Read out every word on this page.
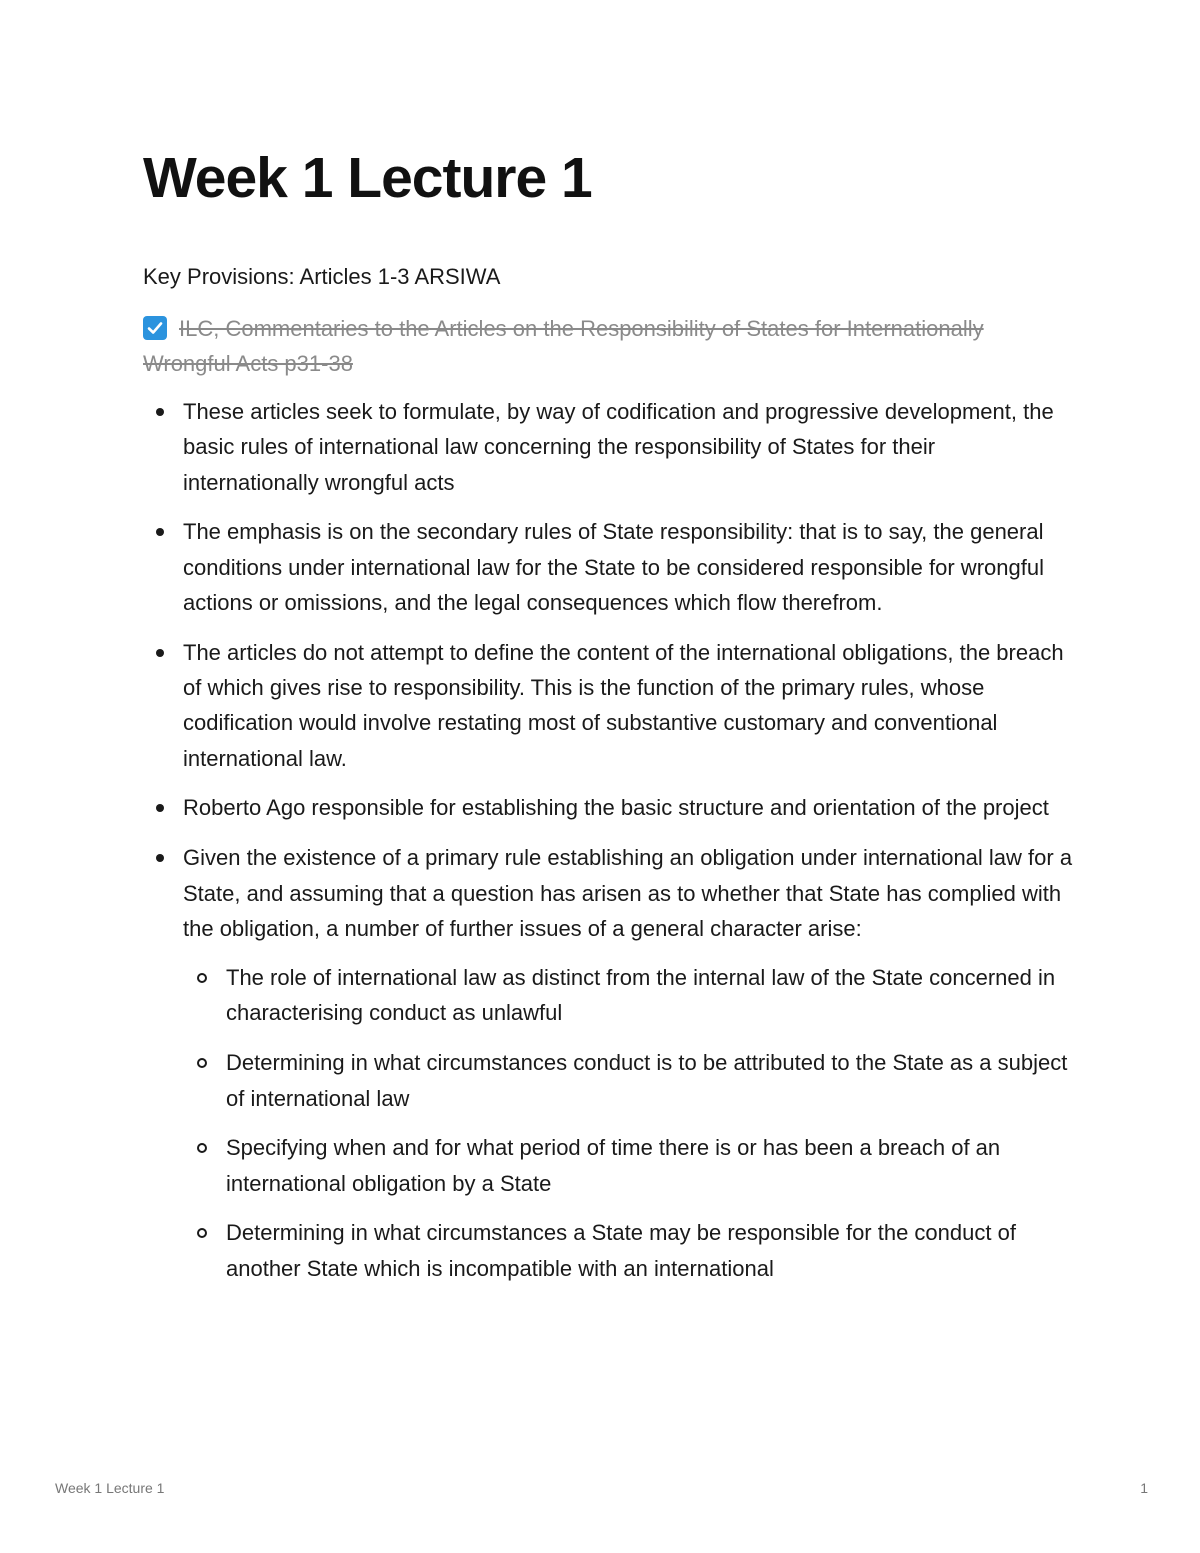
Week 1 Lecture 1

Key Provisions: Articles 1-3 ARSIWA

ILC, Commentaries to the Articles on the Responsibility of States for Internationally Wrongful Acts p31-38

These articles seek to formulate, by way of codification and progressive development, the basic rules of international law concerning the responsibility of States for their internationally wrongful acts
The emphasis is on the secondary rules of State responsibility: that is to say, the general conditions under international law for the State to be considered responsible for wrongful actions or omissions, and the legal consequences which flow therefrom.
The articles do not attempt to define the content of the international obligations, the breach of which gives rise to responsibility. This is the function of the primary rules, whose codification would involve restating most of substantive customary and conventional international law.
Roberto Ago responsible for establishing the basic structure and orientation of the project
Given the existence of a primary rule establishing an obligation under international law for a State, and assuming that a question has arisen as to whether that State has complied with the obligation, a number of further issues of a general character arise:
The role of international law as distinct from the internal law of the State concerned in characterising conduct as unlawful
Determining in what circumstances conduct is to be attributed to the State as a subject of international law
Specifying when and for what period of time there is or has been a breach of an international obligation by a State
Determining in what circumstances a State may be responsible for the conduct of another State which is incompatible with an international

Week 1 Lecture 1	1
